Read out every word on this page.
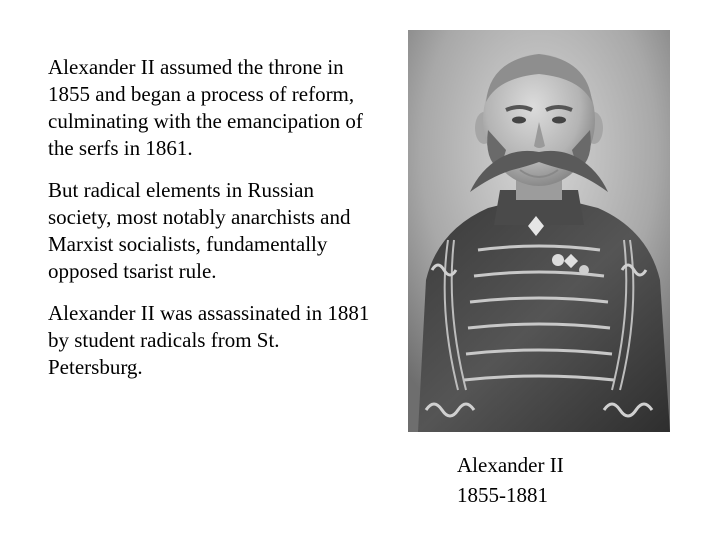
Alexander II assumed the throne in 1855 and began a process of reform, culminating with the emancipation of the serfs in 1861.

But radical elements in Russian society, most notably anarchists and Marxist socialists, fundamentally opposed tsarist rule.

Alexander II was assassinated in 1881 by student radicals from St. Petersburg.

Alexander II
1855-1881
